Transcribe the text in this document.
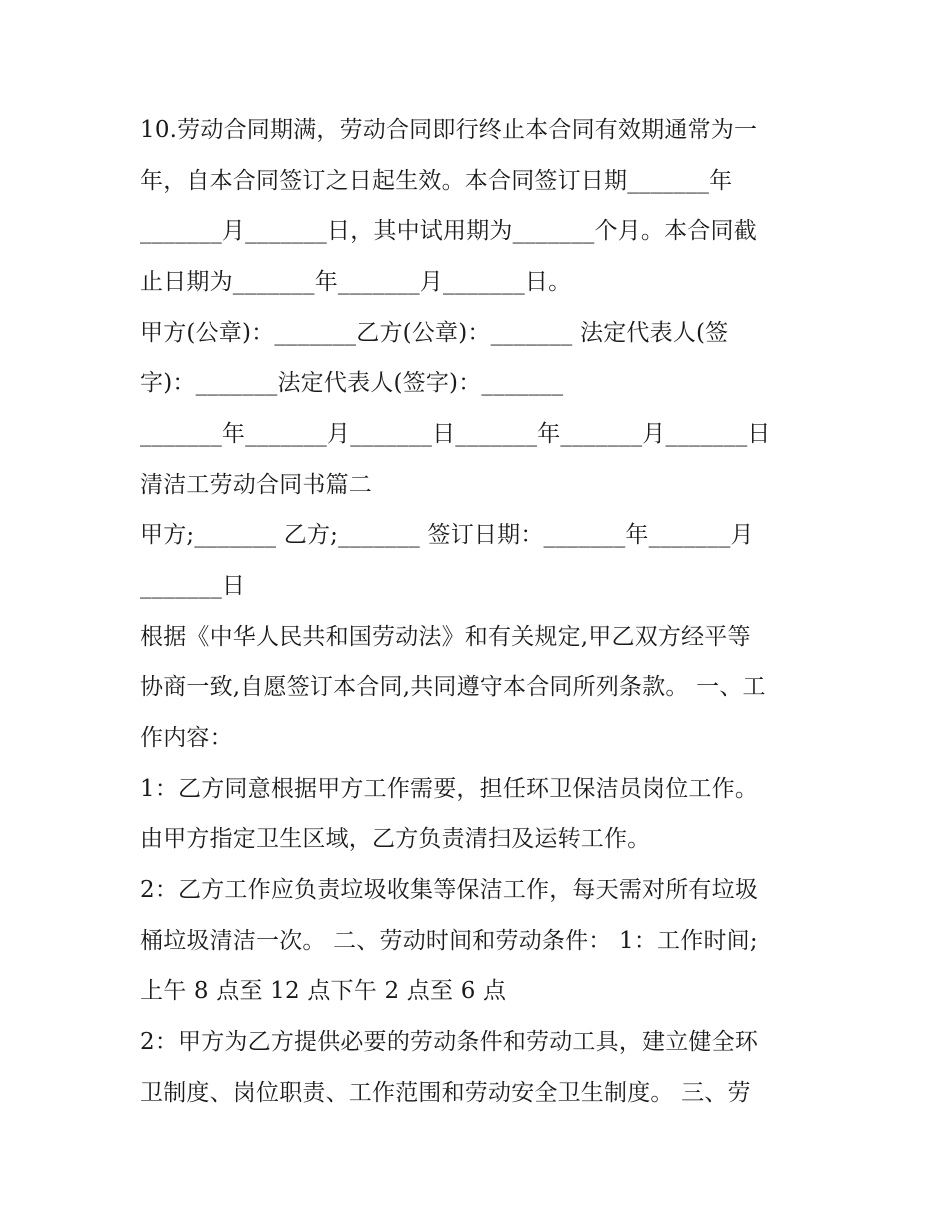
10.劳动合同期满，劳动合同即行终止本合同有效期通常为一
年，自本合同签订之日起生效。本合同签订日期_______年
_______月_______日，其中试用期为_______个月。本合同截
止日期为_______年_______月_______日。
甲方(公章)：_______乙方(公章)：_______ 法定代表人(签
字)：_______法定代表人(签字)：_______
_______年_______月_______日_______年_______月_______日
清洁工劳动合同书篇二
甲方;_______ 乙方;_______ 签订日期：_______年_______月
_______日
根据《中华人民共和国劳动法》和有关规定,甲乙双方经平等
协商一致,自愿签订本合同,共同遵守本合同所列条款。 一、工
作内容：
1：乙方同意根据甲方工作需要，担任环卫保洁员岗位工作。
由甲方指定卫生区域，乙方负责清扫及运转工作。
2：乙方工作应负责垃圾收集等保洁工作，每天需对所有垃圾
桶垃圾清洁一次。 二、劳动时间和劳动条件： 1：工作时间;
上午 8 点至 12 点下午 2 点至 6 点
2：甲方为乙方提供必要的劳动条件和劳动工具，建立健全环
卫制度、岗位职责、工作范围和劳动安全卫生制度。 三、劳
